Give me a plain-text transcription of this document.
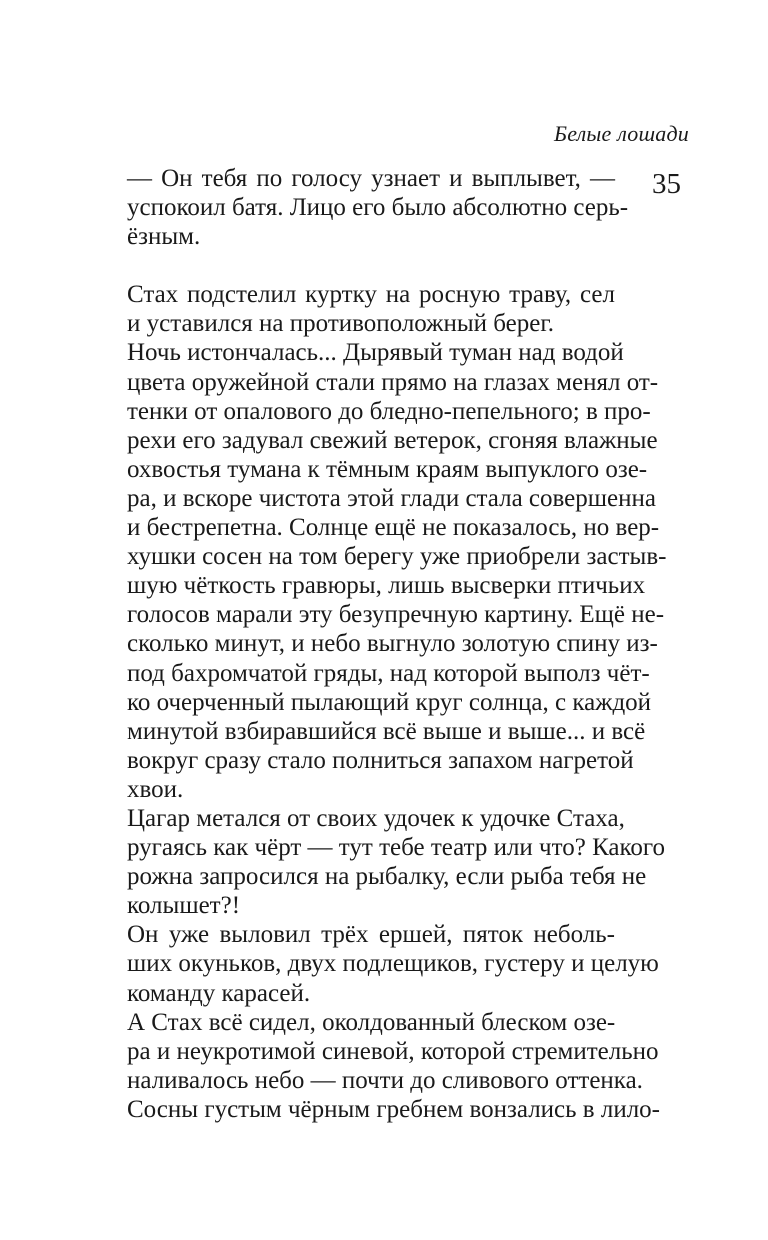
Белые лошади
35
— Он тебя по голосу узнает и выплывет, —
успокоил батя. Лицо его было абсолютно серь-
ёзным.
Стах подстелил куртку на росную траву, сел
и уставился на противоположный берег.
Ночь истончалась... Дырявый туман над водой
цвета оружейной стали прямо на глазах менял от-
тенки от опалового до бледно-пепельного; в про-
рехи его задувал свежий ветерок, сгоняя влажные
охвостья тумана к тёмным краям выпуклого озе-
ра, и вскоре чистота этой глади стала совершенна
и бестрепетна. Солнце ещё не показалось, но вер-
хушки сосен на том берегу уже приобрели застыв-
шую чёткость гравюры, лишь высверки птичьих
голосов марали эту безупречную картину. Ещё не-
сколько минут, и небо выгнуло золотую спину из-
под бахромчатой гряды, над которой выполз чёт-
ко очерченный пылающий круг солнца, с каждой
минутой взбиравшийся всё выше и выше... и всё
вокруг сразу стало полниться запахом нагретой
хвои.
Цагар метался от своих удочек к удочке Стаха,
ругаясь как чёрт — тут тебе театр или что? Какого
рожна запросился на рыбалку, если рыба тебя не
колышет?!
Он уже выловил трёх ершей, пяток неболь-
ших окуньков, двух подлещиков, густеру и целую
команду карасей.
А Стах всё сидел, околдованный блеском озе-
ра и неукротимой синевой, которой стремительно
наливалось небо — почти до сливового оттенка.
Сосны густым чёрным гребнем вонзались в лило-
